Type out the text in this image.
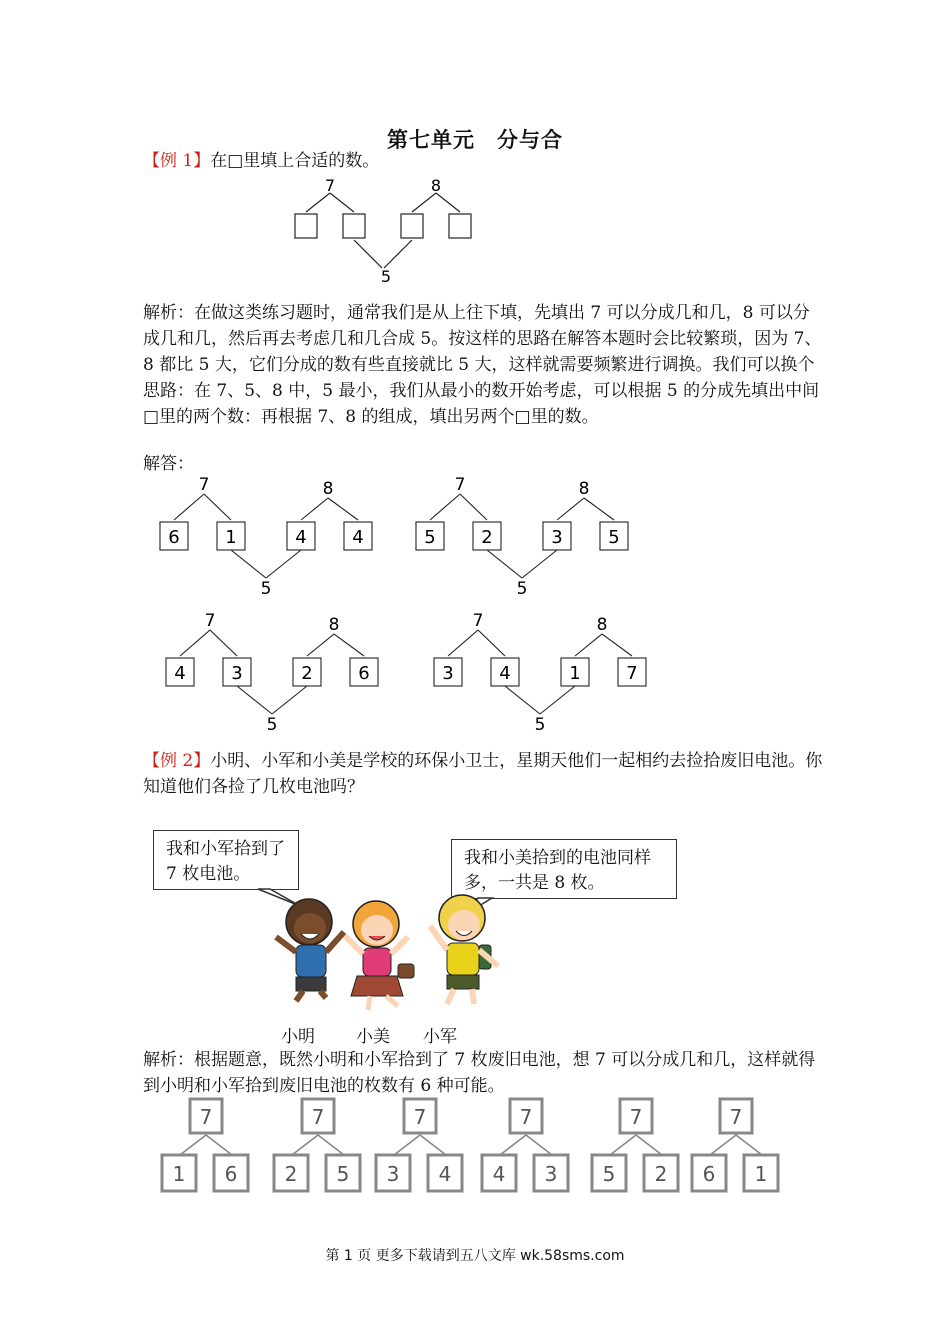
第七单元　分与合
【例 1】在□里填上合适的数。
7	8
5
解析：在做这类练习题时，通常我们是从上往下填，先填出 7 可以分成几和几，8 可以分成几和几，然后再去考虑几和几合成 5。按这样的思路在解答本题时会比较繁琐，因为 7、8 都比 5 大，它们分成的数有些直接就比 5 大，这样就需要频繁进行调换。我们可以换个思路：在 7、5、8 中，5 最小，我们从最小的数开始考虑，可以根据 5 的分成先填出中间□里的两个数：再根据 7、8 的组成，填出另两个□里的数。
解答：
7	8
5
6	1	4	4
7	8
5
5	2	3	5
7	8
5
4	3	2	6
7	8
5
3	4	1	7
【例 2】小明、小军和小美是学校的环保小卫士，星期天他们一起相约去捡拾废旧电池。你知道他们各捡了几枚电池吗？
我和小军拾到了 7 枚电池。
我和小美拾到的电池同样多，一共是 8 枚。
小明 小美 小军
解析：根据题意，既然小明和小军拾到了 7 枚废旧电池，想 7 可以分成几和几，这样就得到小明和小军拾到废旧电池的枚数有 6 种可能。
7
1 6
7
2 5
7
3 4
7
4 3
7
5 2
7
6 1
第 1 页 更多下载请到五八文库 wk.58sms.com
